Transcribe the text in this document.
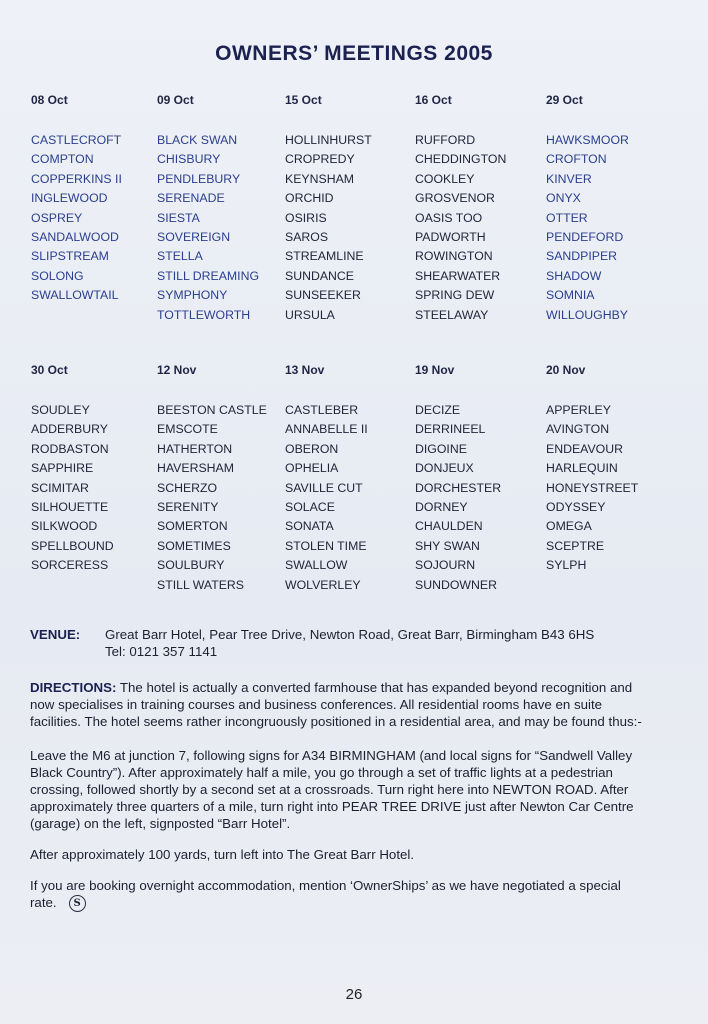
OWNERS’ MEETINGS 2005
08 Oct
CASTLECROFT
COMPTON
COPPERKINS II
INGLEWOOD
OSPREY
SANDALWOOD
SLIPSTREAM
SOLONG
SWALLOWTAIL
09 Oct
BLACK SWAN
CHISBURY
PENDLEBURY
SERENADE
SIESTA
SOVEREIGN
STELLA
STILL DREAMING
SYMPHONY
TOTTLEWORTH
15 Oct
HOLLINHURST
CROPREDY
KEYNSHAM
ORCHID
OSIRIS
SAROS
STREAMLINE
SUNDANCE
SUNSEEKER
URSULA
16 Oct
RUFFORD
CHEDDINGTON
COOKLEY
GROSVENOR
OASIS TOO
PADWORTH
ROWINGTON
SHEARWATER
SPRING DEW
STEELAWAY
29 Oct
HAWKSMOOR
CROFTON
KINVER
ONYX
OTTER
PENDEFORD
SANDPIPER
SHADOW
SOMNIA
WILLOUGHBY
30 Oct
SOUDLEY
ADDERBURY
RODBASTON
SAPPHIRE
SCIMITAR
SILHOUETTE
SILKWOOD
SPELLBOUND
SORCERESS
12 Nov
BEESTON CASTLE
EMSCOTE
HATHERTON
HAVERSHAM
SCHERZO
SERENITY
SOMERTON
SOMETIMES
SOULBURY
STILL WATERS
13 Nov
CASTLEBER
ANNABELLE II
OBERON
OPHELIA
SAVILLE CUT
SOLACE
SONATA
STOLEN TIME
SWALLOW
WOLVERLEY
19 Nov
DECIZE
DERRINEEL
DIGOINE
DONJEUX
DORCHESTER
DORNEY
CHAULDEN
SHY SWAN
SOJOURN
SUNDOWNER
20 Nov
APPERLEY
AVINGTON
ENDEAVOUR
HARLEQUIN
HONEYSTREET
ODYSSEY
OMEGA
SCEPTRE
SYLPH
VENUE: Great Barr Hotel, Pear Tree Drive, Newton Road, Great Barr, Birmingham B43 6HS
Tel: 0121 357 1141

DIRECTIONS: The hotel is actually a converted farmhouse that has expanded beyond recognition and now specialises in training courses and business conferences. All residential rooms have en suite facilities. The hotel seems rather incongruously positioned in a residential area, and may be found thus:-

Leave the M6 at junction 7, following signs for A34 BIRMINGHAM (and local signs for “Sandwell Valley Black Country”). After approximately half a mile, you go through a set of traffic lights at a pedestrian crossing, followed shortly by a second set at a crossroads. Turn right here into NEWTON ROAD. After approximately three quarters of a mile, turn right into PEAR TREE DRIVE just after Newton Car Centre (garage) on the left, signposted “Barr Hotel”.

After approximately 100 yards, turn left into The Great Barr Hotel.

If you are booking overnight accommodation, mention ‘OwnerShips’ as we have negotiated a special rate. S

26
